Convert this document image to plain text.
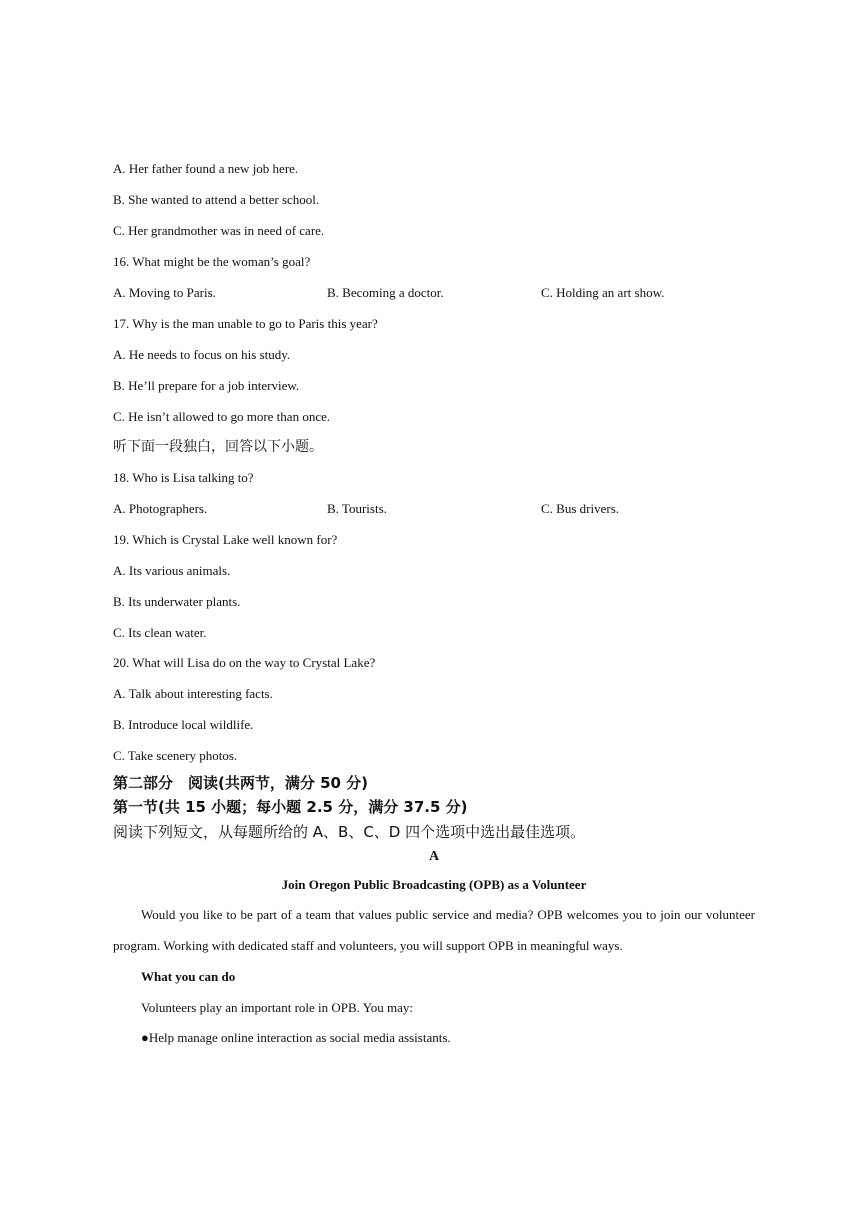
A. Her father found a new job here.
B. She wanted to attend a better school.
C. Her grandmother was in need of care.
16. What might be the woman’s goal?
A. Moving to Paris.	B. Becoming a doctor.	C. Holding an art show.
17. Why is the man unable to go to Paris this year?
A. He needs to focus on his study.
B. He’ll prepare for a job interview.
C. He isn’t allowed to go more than once.
听下面一段独白，回答以下小题。
18. Who is Lisa talking to?
A. Photographers.	B. Tourists.	C. Bus drivers.
19. Which is Crystal Lake well known for?
A. Its various animals.
B. Its underwater plants.
C. Its clean water.
20. What will Lisa do on the way to Crystal Lake?
A. Talk about interesting facts.
B. Introduce local wildlife.
C. Take scenery photos.
第二部分　阅读(共两节，满分 50 分)
第一节(共 15 小题；每小题 2.5 分，满分 37.5 分)
阅读下列短文，从每题所给的 A、B、C、D 四个选项中选出最佳选项。
A
Join Oregon Public Broadcasting (OPB) as a Volunteer
Would you like to be part of a team that values public service and media? OPB welcomes you to join our volunteer program. Working with dedicated staff and volunteers, you will support OPB in meaningful ways.
What you can do
Volunteers play an important role in OPB. You may:
●Help manage online interaction as social media assistants.
